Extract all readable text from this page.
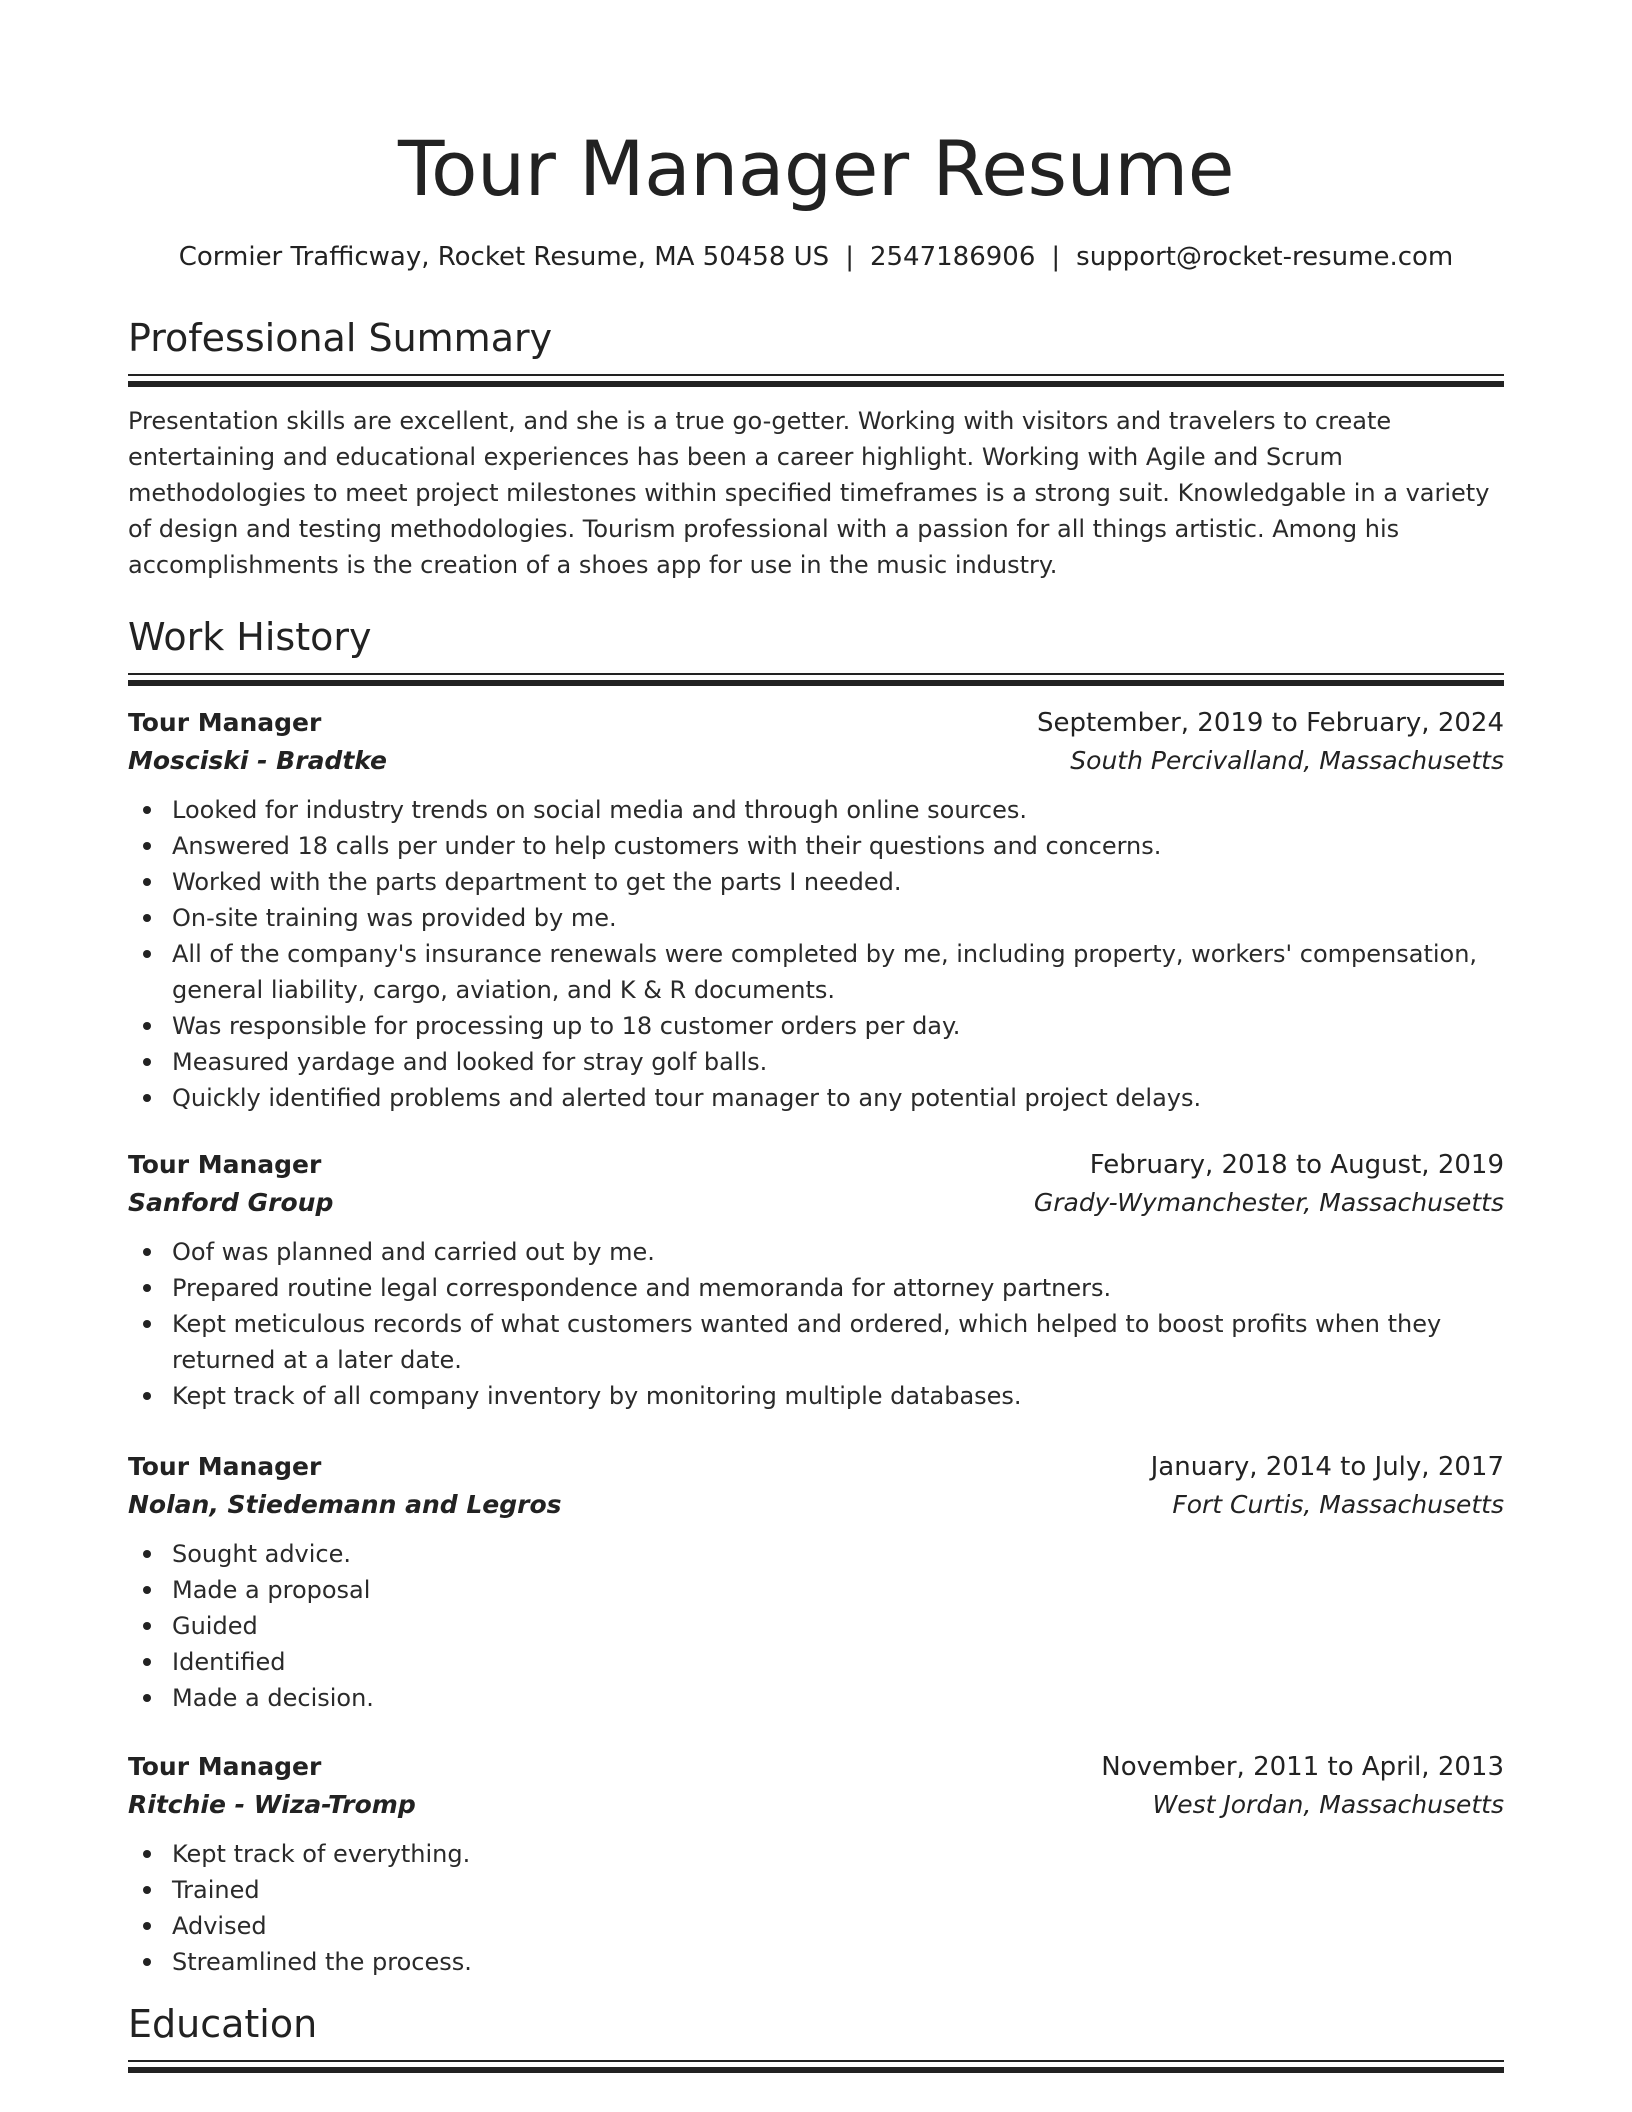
Tour Manager Resume
Cormier Trafficway, Rocket Resume, MA 50458 US | 2547186906 | support@rocket-resume.com
Professional Summary

Presentation skills are excellent, and she is a true go-getter. Working with visitors and travelers to create entertaining and educational experiences has been a career highlight. Working with Agile and Scrum methodologies to meet project milestones within specified timeframes is a strong suit. Knowledgable in a variety of design and testing methodologies. Tourism professional with a passion for all things artistic. Among his accomplishments is the creation of a shoes app for use in the music industry.

Work History
Tour Manager	September, 2019 to February, 2024
Mosciski - Bradtke	South Percivalland, Massachusetts
Looked for industry trends on social media and through online sources.
Answered 18 calls per under to help customers with their questions and concerns.
Worked with the parts department to get the parts I needed.
On-site training was provided by me.
All of the company's insurance renewals were completed by me, including property, workers' compensation, general liability, cargo, aviation, and K & R documents.
Was responsible for processing up to 18 customer orders per day.
Measured yardage and looked for stray golf balls.
Quickly identified problems and alerted tour manager to any potential project delays.
Tour Manager	February, 2018 to August, 2019
Sanford Group	Grady-Wymanchester, Massachusetts
Oof was planned and carried out by me.
Prepared routine legal correspondence and memoranda for attorney partners.
Kept meticulous records of what customers wanted and ordered, which helped to boost profits when they returned at a later date.
Kept track of all company inventory by monitoring multiple databases.
Tour Manager	January, 2014 to July, 2017
Nolan, Stiedemann and Legros	Fort Curtis, Massachusetts
Sought advice.
Made a proposal
Guided
Identified
Made a decision.
Tour Manager	November, 2011 to April, 2013
Ritchie - Wiza-Tromp	West Jordan, Massachusetts
Kept track of everything.
Trained
Advised
Streamlined the process.
Education
